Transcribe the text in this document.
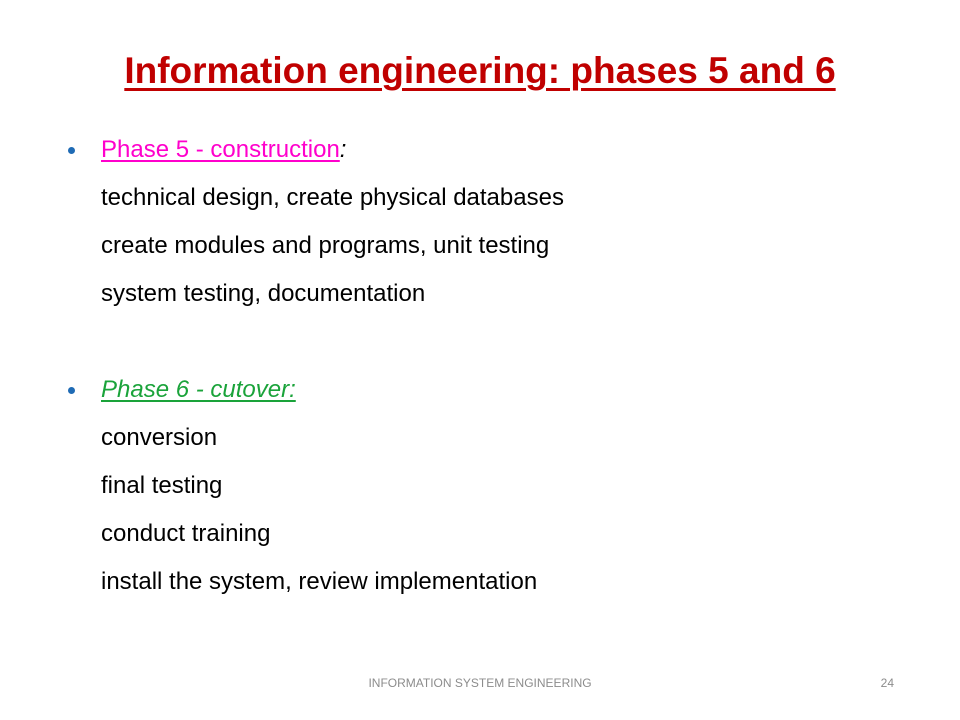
Information engineering: phases 5 and 6
Phase 5 - construction:
technical design, create physical databases
create modules and programs, unit testing
system testing, documentation
Phase 6 - cutover:
conversion
final testing
conduct training
install the system, review implementation
INFORMATION SYSTEM ENGINEERING	24
